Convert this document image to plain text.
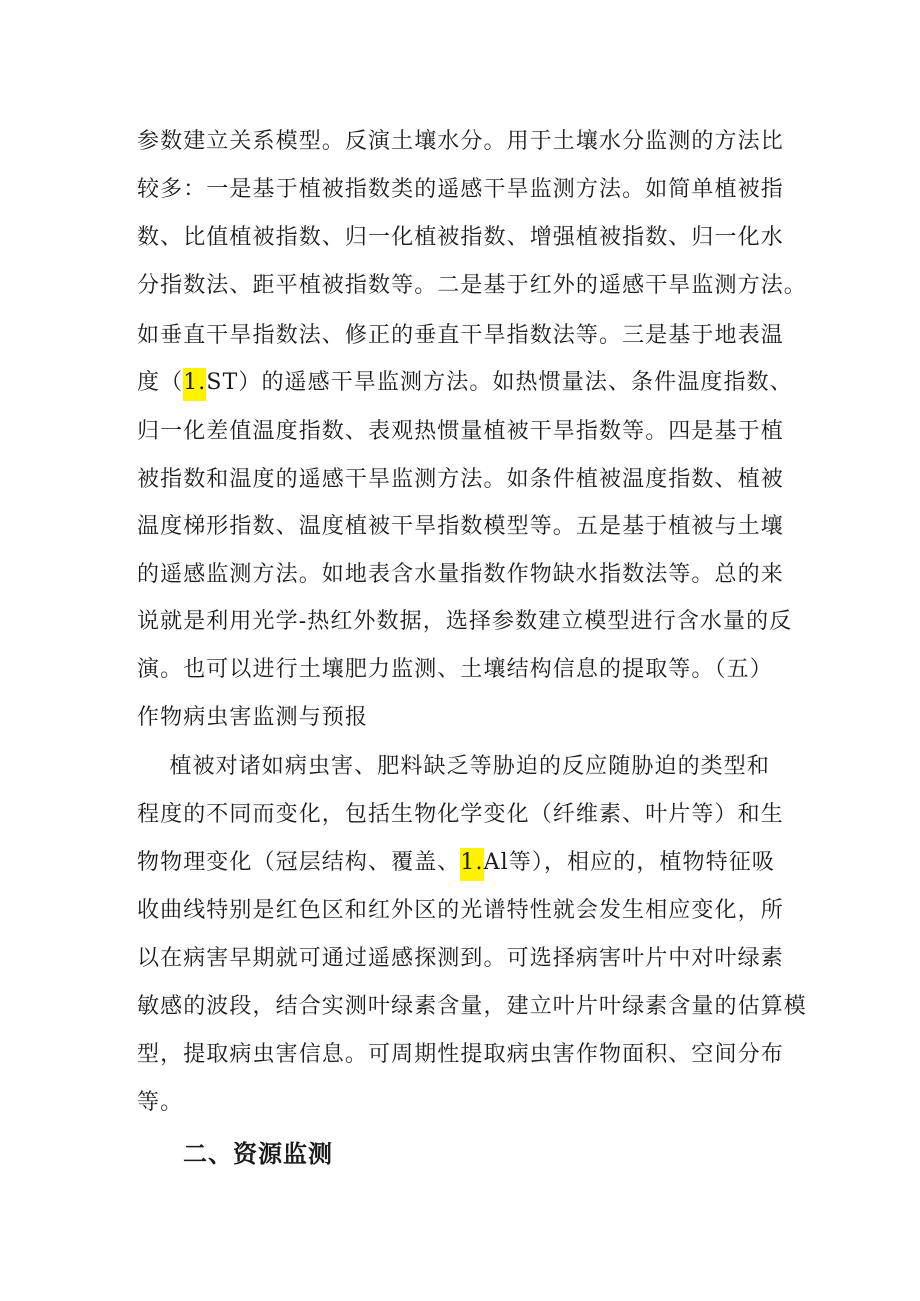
参数建立关系模型。反演土壤水分。用于土壤水分监测的方法比
较多：一是基于植被指数类的遥感干旱监测方法。如简单植被指
数、比值植被指数、归一化植被指数、增强植被指数、归一化水
分指数法、距平植被指数等。二是基于红外的遥感干旱监测方法。
如垂直干旱指数法、修正的垂直干旱指数法等。三是基于地表温
度（1.ST）的遥感干旱监测方法。如热惯量法、条件温度指数、
归一化差值温度指数、表观热惯量植被干旱指数等。四是基于植
被指数和温度的遥感干旱监测方法。如条件植被温度指数、植被
温度梯形指数、温度植被干旱指数模型等。五是基于植被与土壤
的遥感监测方法。如地表含水量指数作物缺水指数法等。总的来
说就是利用光学-热红外数据，选择参数建立模型进行含水量的反
演。也可以进行土壤肥力监测、土壤结构信息的提取等。（五）
作物病虫害监测与预报
植被对诸如病虫害、肥料缺乏等胁迫的反应随胁迫的类型和
程度的不同而变化，包括生物化学变化（纤维素、叶片等）和生
物物理变化（冠层结构、覆盖、1.Al等），相应的，植物特征吸
收曲线特别是红色区和红外区的光谱特性就会发生相应变化，所
以在病害早期就可通过遥感探测到。可选择病害叶片中对叶绿素
敏感的波段，结合实测叶绿素含量，建立叶片叶绿素含量的估算模
型，提取病虫害信息。可周期性提取病虫害作物面积、空间分布
等。
二、资源监测
